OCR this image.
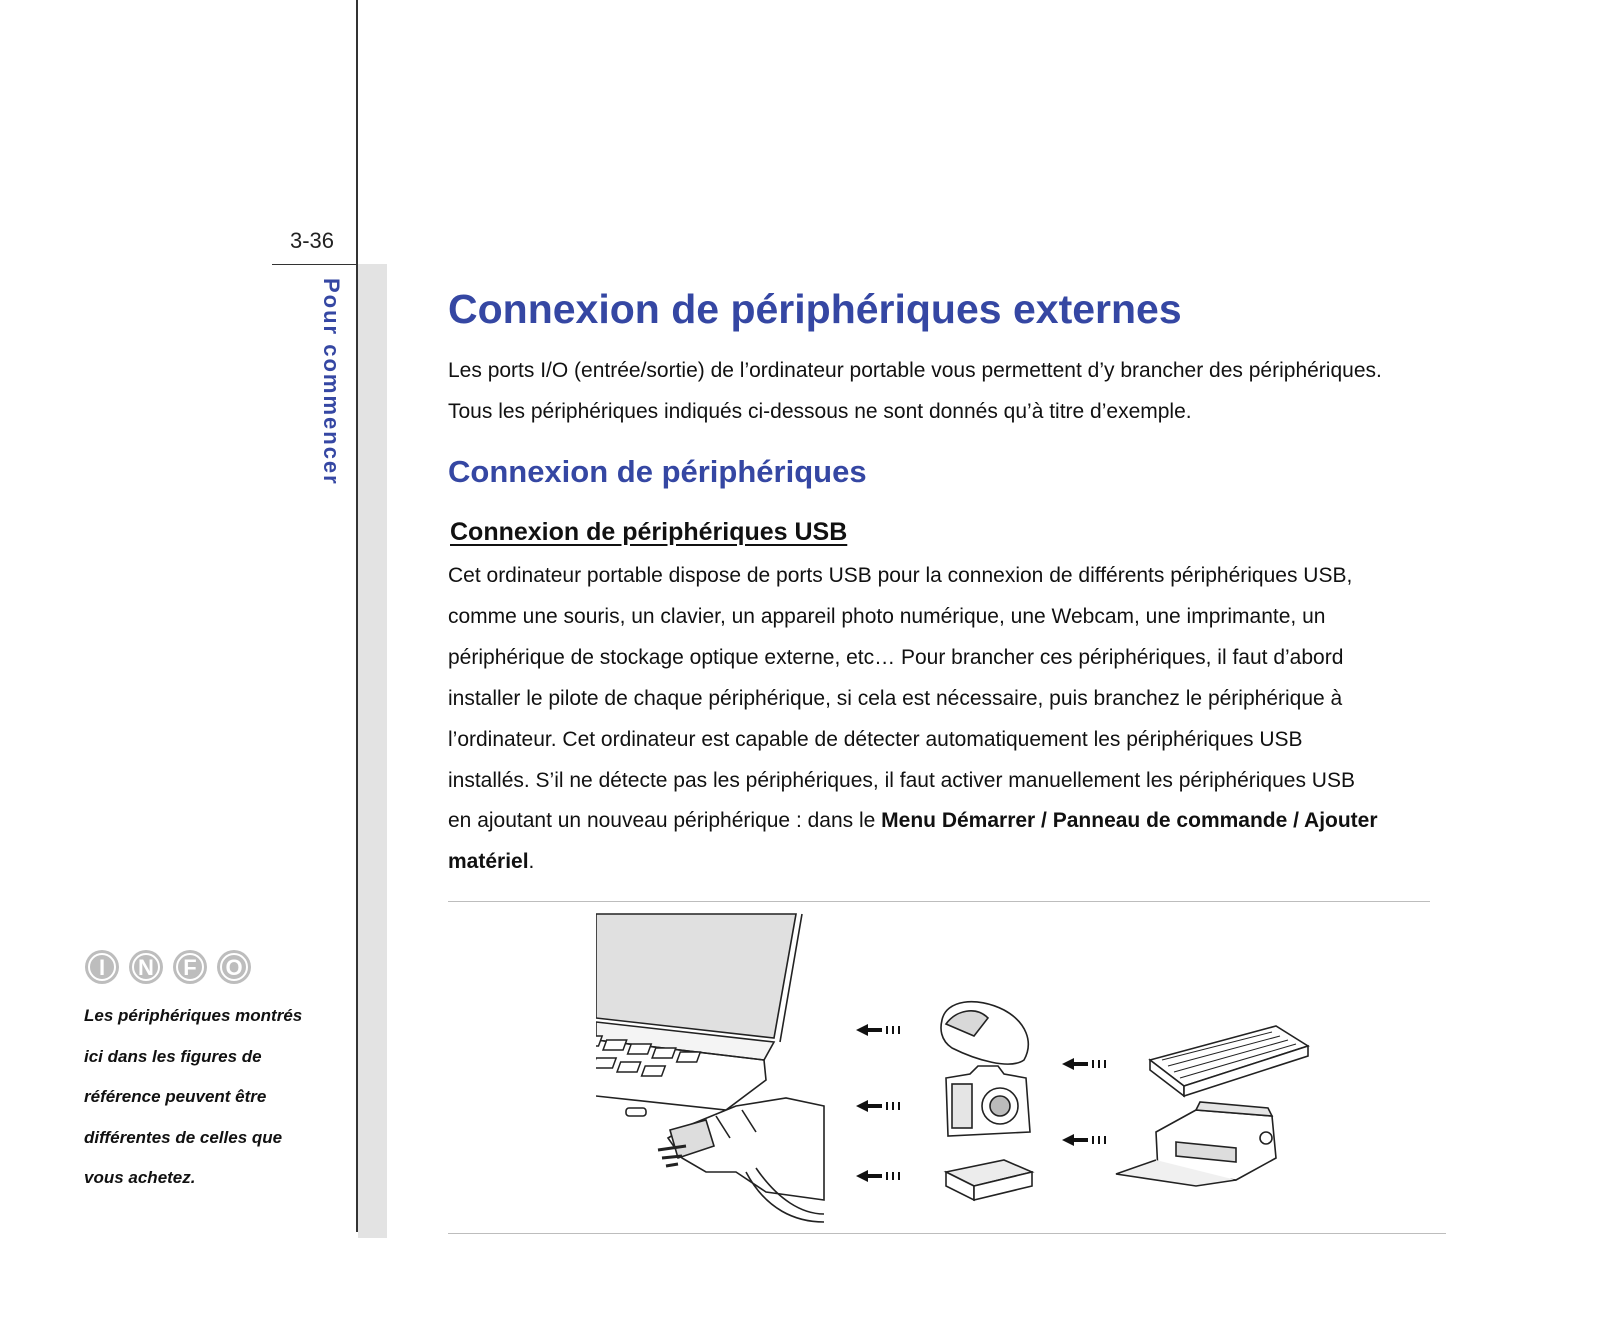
3-36
Pour commencer
I N F O
Les périphériques montrés
ici dans les figures de
référence peuvent être
différentes de celles que
vous achetez.
Connexion de périphériques externes
Les ports I/O (entrée/sortie) de l’ordinateur portable vous permettent d’y brancher des périphériques.
Tous les périphériques indiqués ci-dessous ne sont donnés qu’à titre d’exemple.
Connexion de périphériques
Connexion de périphériques USB
Cet ordinateur portable dispose de ports USB pour la connexion de différents périphériques USB,
comme une souris, un clavier, un appareil photo numérique, une Webcam, une imprimante, un
périphérique de stockage optique externe, etc… Pour brancher ces périphériques, il faut d’abord
installer le pilote de chaque périphérique, si cela est nécessaire, puis branchez le périphérique à
l’ordinateur. Cet ordinateur est capable de détecter automatiquement les périphériques USB
installés. S’il ne détecte pas les périphériques, il faut activer manuellement les périphériques USB
en ajoutant un nouveau périphérique : dans le Menu Démarrer / Panneau de commande / Ajouter
matériel.
